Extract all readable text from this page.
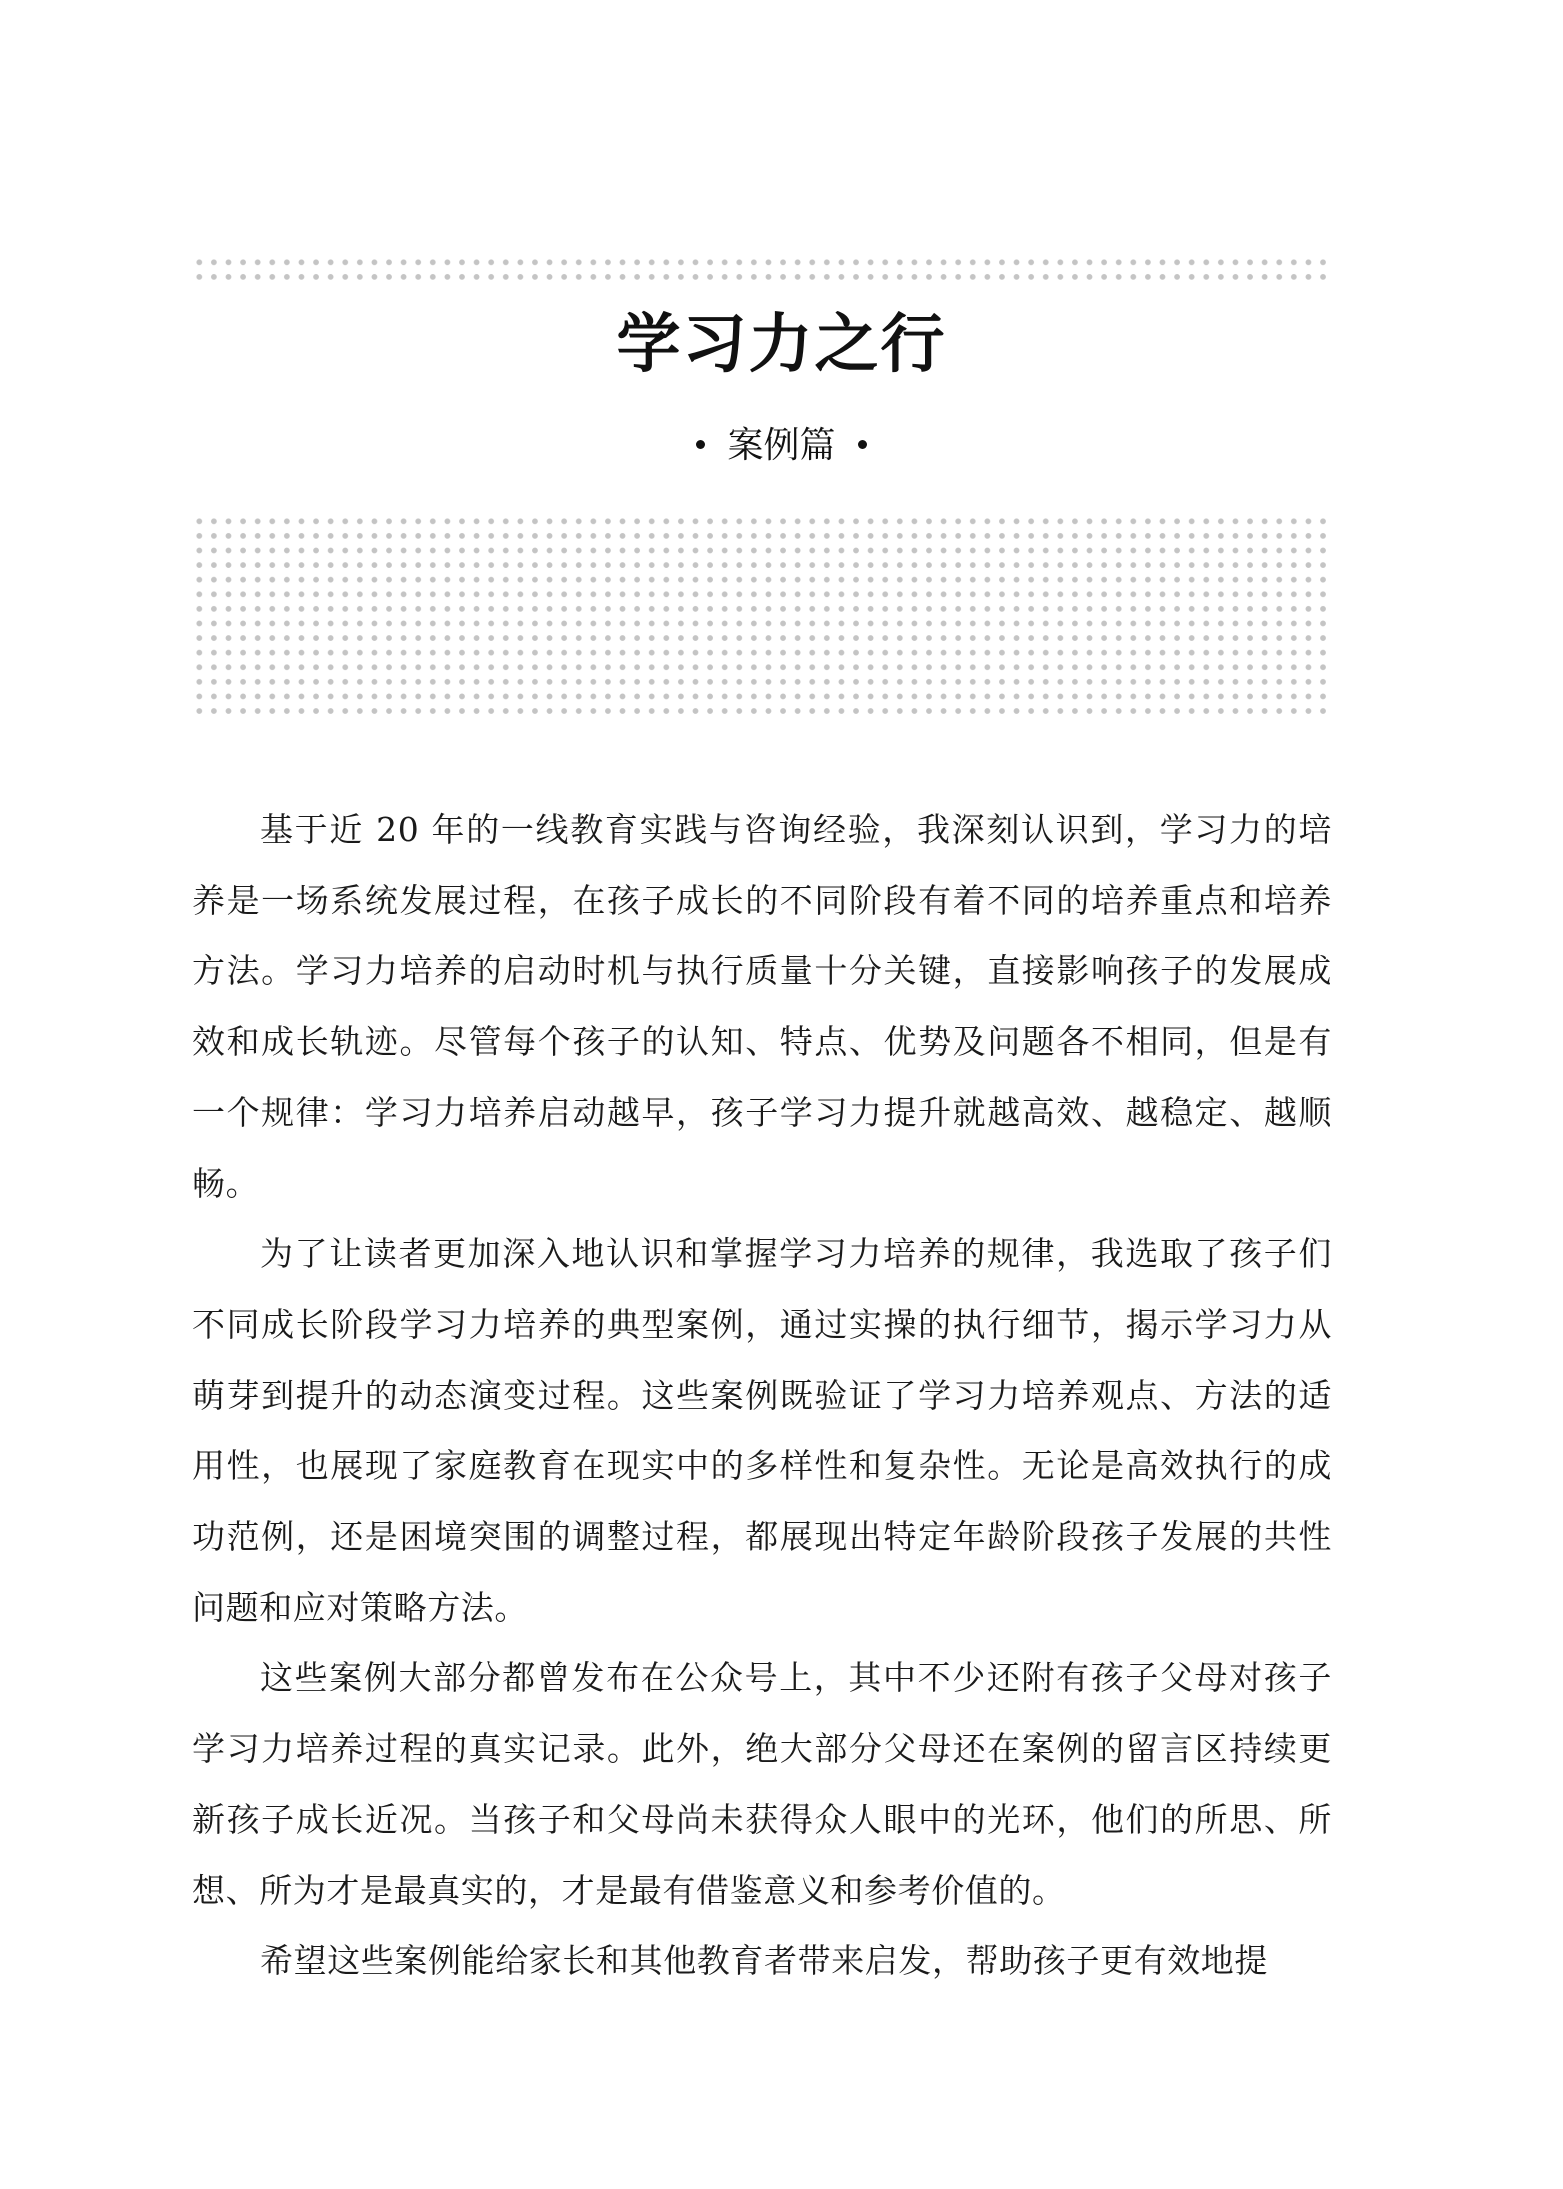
学习力之行
案例篇

基于近 20 年的一线教育实践与咨询经验，我深刻认识到，学习力的培养是一场系统发展过程，在孩子成长的不同阶段有着不同的培养重点和培养方法。学习力培养的启动时机与执行质量十分关键，直接影响孩子的发展成效和成长轨迹。尽管每个孩子的认知、特点、优势及问题各不相同，但是有一个规律：学习力培养启动越早，孩子学习力提升就越高效、越稳定、越顺畅。

为了让读者更加深入地认识和掌握学习力培养的规律，我选取了孩子们不同成长阶段学习力培养的典型案例，通过实操的执行细节，揭示学习力从萌芽到提升的动态演变过程。这些案例既验证了学习力培养观点、方法的适用性，也展现了家庭教育在现实中的多样性和复杂性。无论是高效执行的成功范例，还是困境突围的调整过程，都展现出特定年龄阶段孩子发展的共性问题和应对策略方法。

这些案例大部分都曾发布在公众号上，其中不少还附有孩子父母对孩子学习力培养过程的真实记录。此外，绝大部分父母还在案例的留言区持续更新孩子成长近况。当孩子和父母尚未获得众人眼中的光环，他们的所思、所想、所为才是最真实的，才是最有借鉴意义和参考价值的。

希望这些案例能给家长和其他教育者带来启发，帮助孩子更有效地提
